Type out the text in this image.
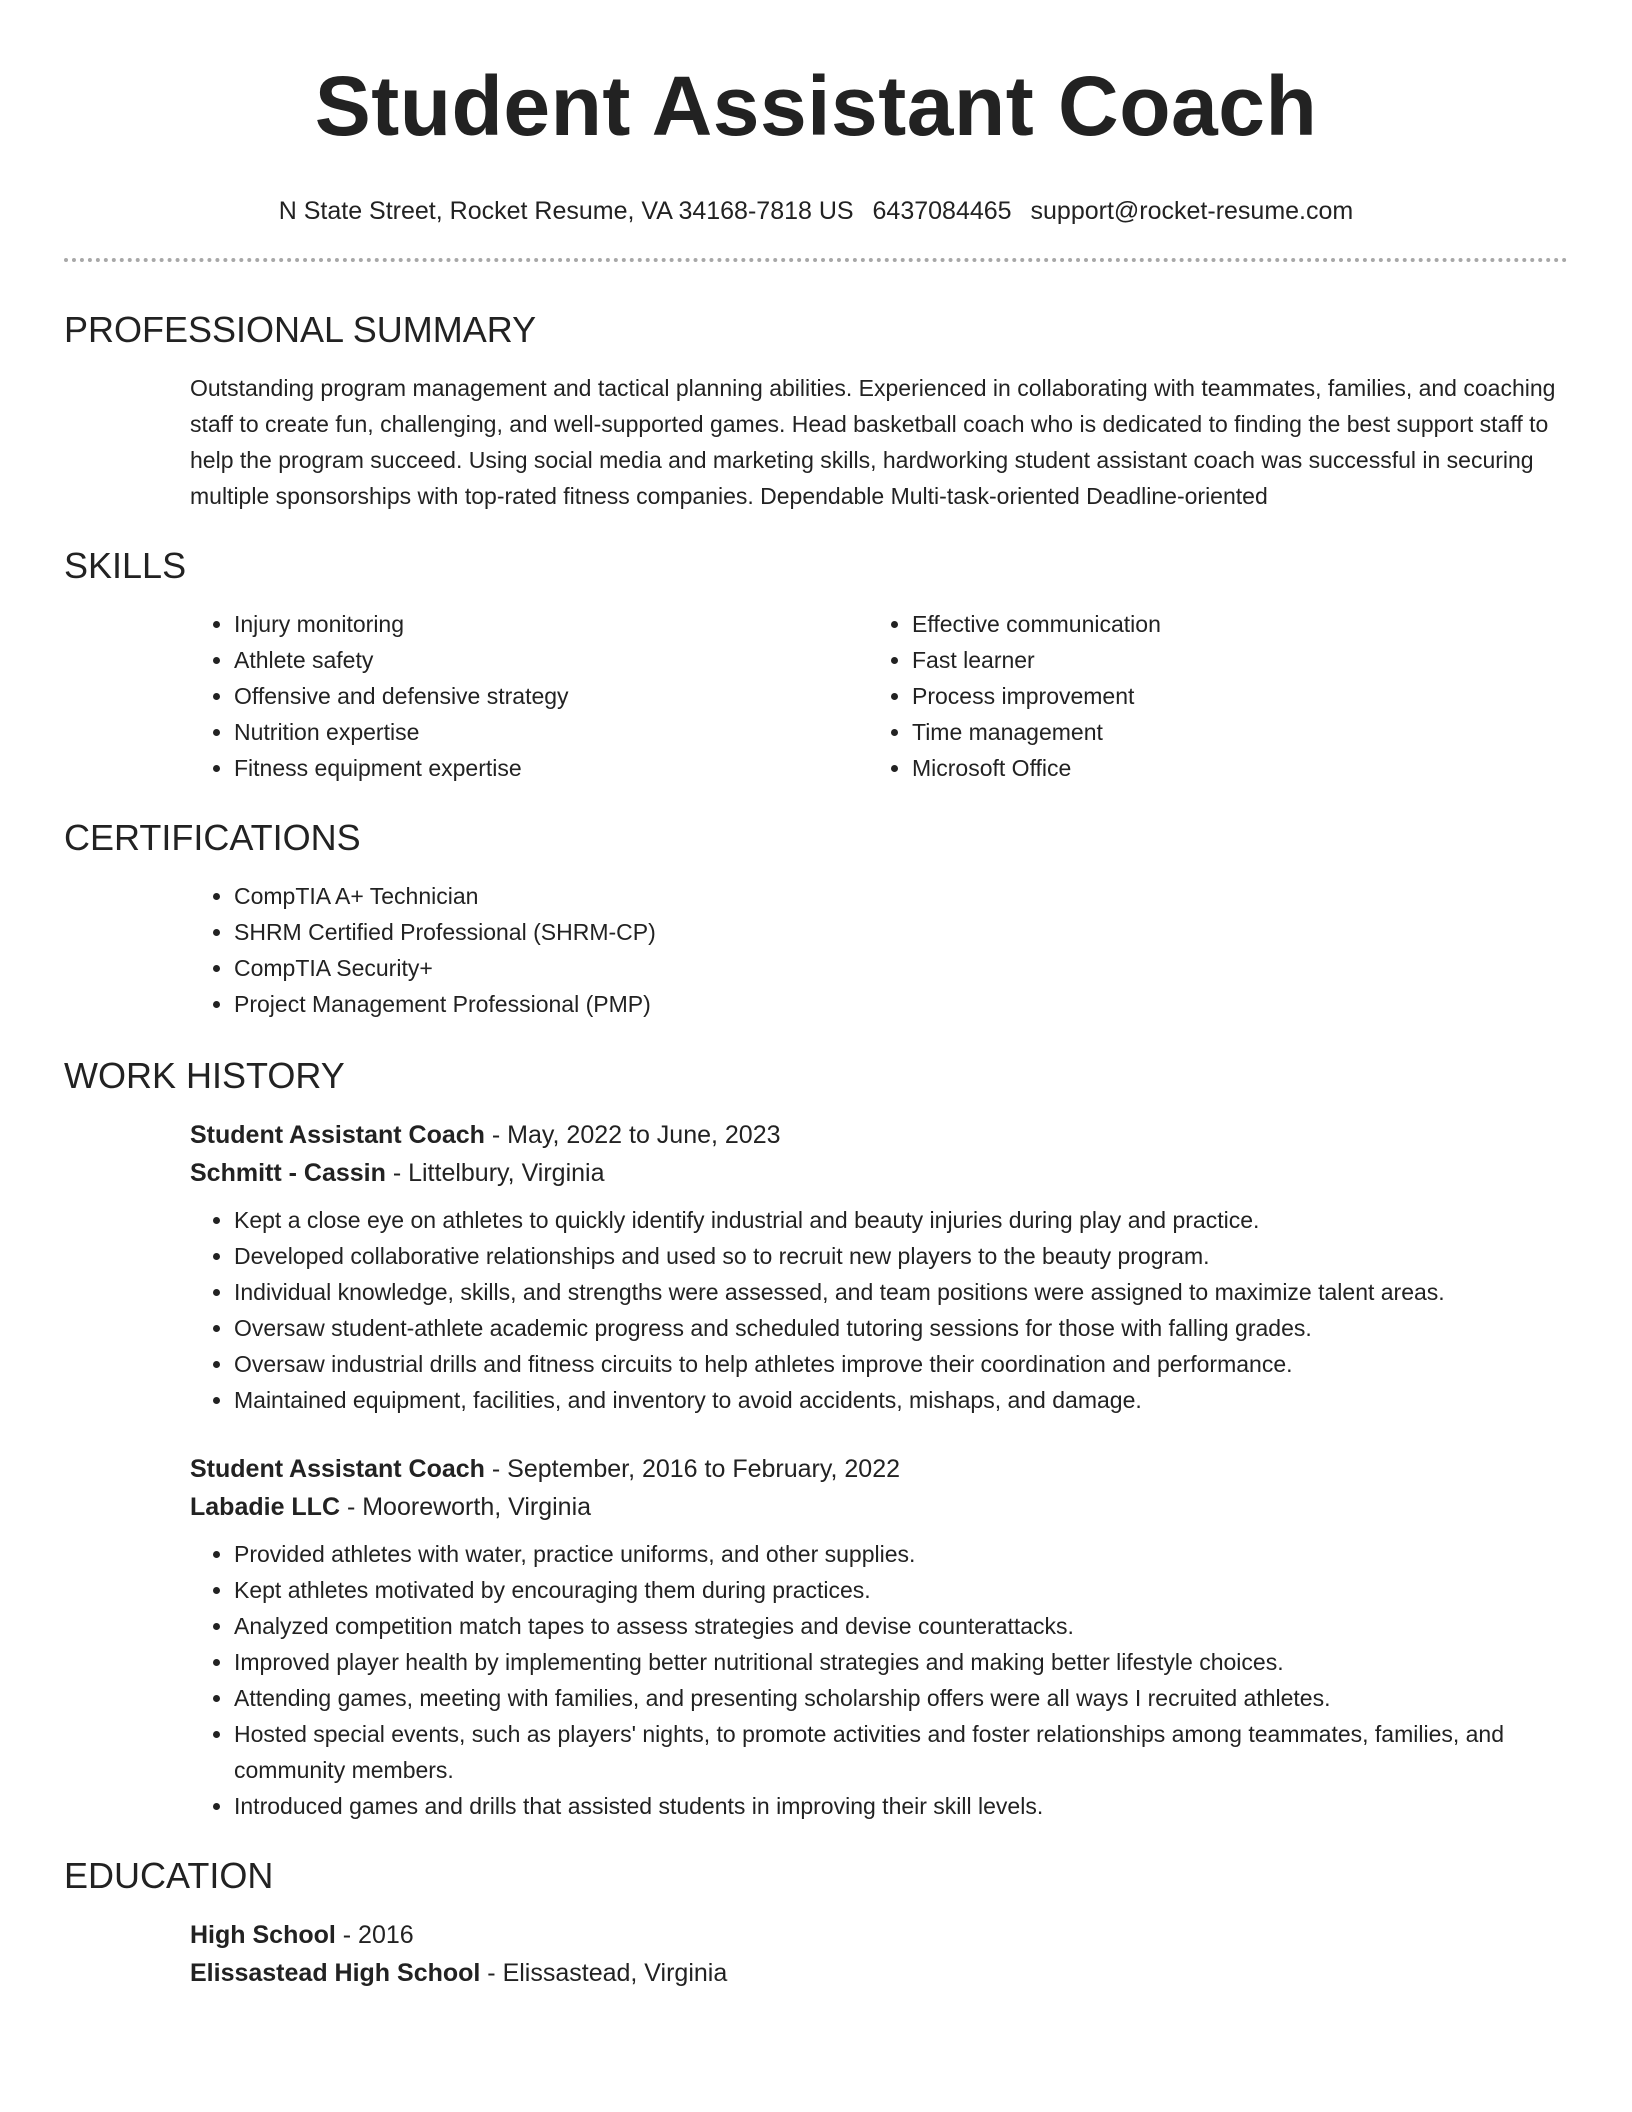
Student Assistant Coach
N State Street, Rocket Resume, VA 34168-7818 US 6437084465 support@rocket-resume.com
PROFESSIONAL SUMMARY

Outstanding program management and tactical planning abilities. Experienced in collaborating with teammates, families, and coaching staff to create fun, challenging, and well-supported games. Head basketball coach who is dedicated to finding the best support staff to help the program succeed. Using social media and marketing skills, hardworking student assistant coach was successful in securing multiple sponsorships with top-rated fitness companies. Dependable Multi-task-oriented Deadline-oriented

SKILLS
• Injury monitoring
• Athlete safety
• Offensive and defensive strategy
• Nutrition expertise
• Fitness equipment expertise
• Effective communication
• Fast learner
• Process improvement
• Time management
• Microsoft Office
CERTIFICATIONS
• CompTIA A+ Technician
• SHRM Certified Professional (SHRM-CP)
• CompTIA Security+
• Project Management Professional (PMP)
WORK HISTORY
Student Assistant Coach - May, 2022 to June, 2023
Schmitt - Cassin - Littelbury, Virginia
• Kept a close eye on athletes to quickly identify industrial and beauty injuries during play and practice.
• Developed collaborative relationships and used so to recruit new players to the beauty program.
• Individual knowledge, skills, and strengths were assessed, and team positions were assigned to maximize talent areas.
• Oversaw student-athlete academic progress and scheduled tutoring sessions for those with falling grades.
• Oversaw industrial drills and fitness circuits to help athletes improve their coordination and performance.
• Maintained equipment, facilities, and inventory to avoid accidents, mishaps, and damage.
Student Assistant Coach - September, 2016 to February, 2022
Labadie LLC - Mooreworth, Virginia
• Provided athletes with water, practice uniforms, and other supplies.
• Kept athletes motivated by encouraging them during practices.
• Analyzed competition match tapes to assess strategies and devise counterattacks.
• Improved player health by implementing better nutritional strategies and making better lifestyle choices.
• Attending games, meeting with families, and presenting scholarship offers were all ways I recruited athletes.
• Hosted special events, such as players' nights, to promote activities and foster relationships among teammates, families, and community members.
• Introduced games and drills that assisted students in improving their skill levels.
EDUCATION
High School - 2016
Elissastead High School - Elissastead, Virginia
